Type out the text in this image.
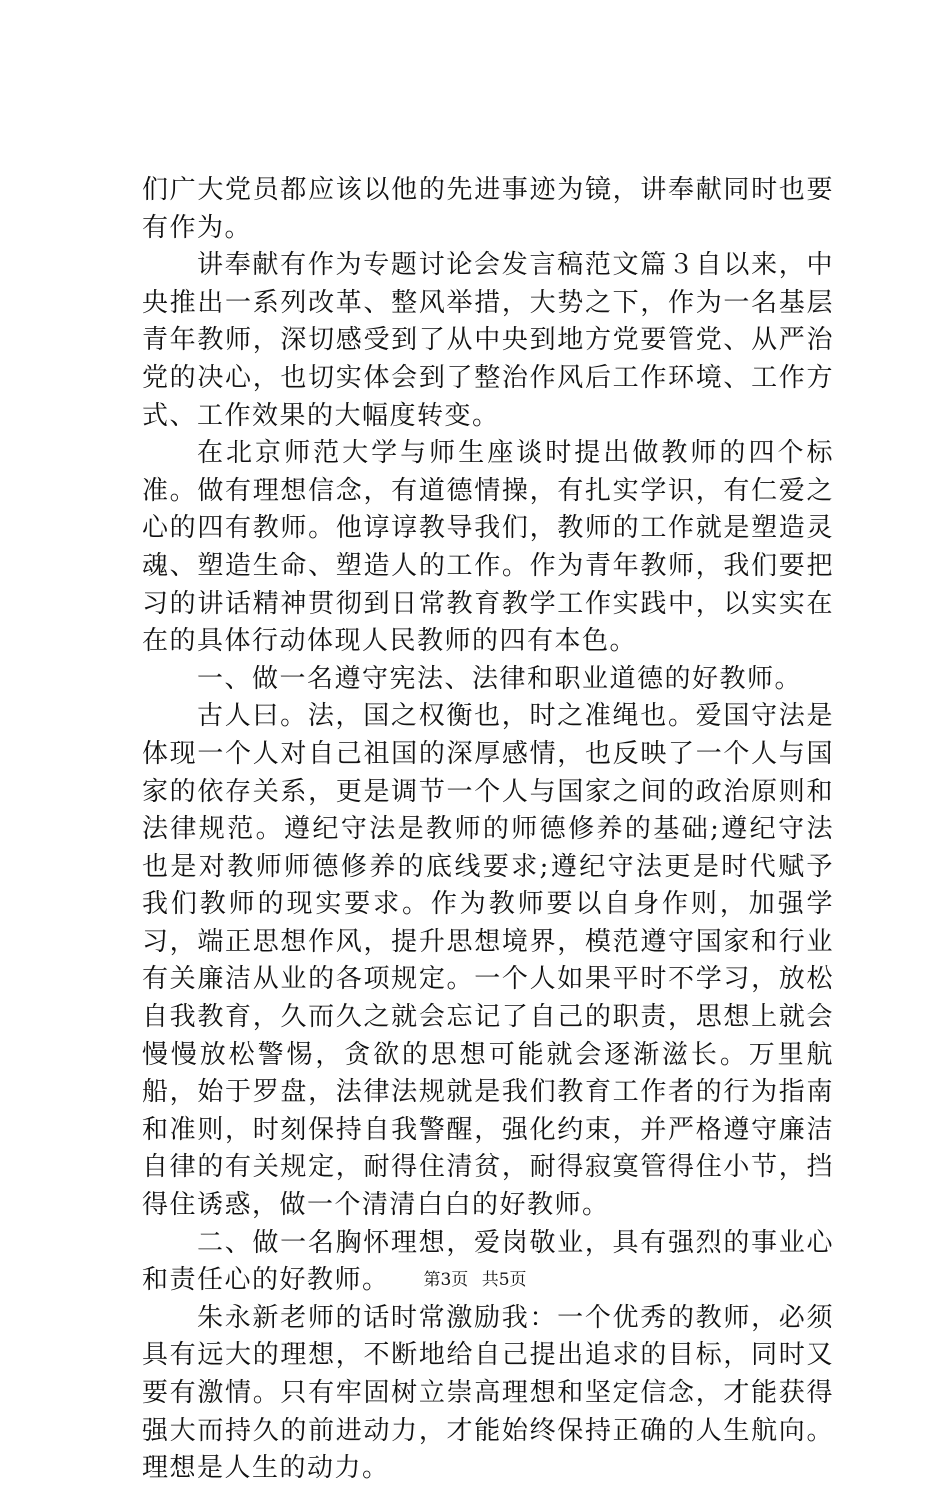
们广大党员都应该以他的先进事迹为镜，讲奉献同时也要有作为。

讲奉献有作为专题讨论会发言稿范文篇３自以来，中央推出一系列改革、整风举措，大势之下，作为一名基层青年教师，深切感受到了从中央到地方党要管党、从严治党的决心，也切实体会到了整治作风后工作环境、工作方式、工作效果的大幅度转变。

在北京师范大学与师生座谈时提出做教师的四个标准。做有理想信念，有道德情操，有扎实学识，有仁爱之心的四有教师。他谆谆教导我们，教师的工作就是塑造灵魂、塑造生命、塑造人的工作。作为青年教师，我们要把习的讲话精神贯彻到日常教育教学工作实践中，以实实在在的具体行动体现人民教师的四有本色。

一、做一名遵守宪法、法律和职业道德的好教师。

古人曰。法，国之权衡也，时之准绳也。爱国守法是体现一个人对自己祖国的深厚感情，也反映了一个人与国家的依存关系，更是调节一个人与国家之间的政治原则和法律规范。遵纪守法是教师的师德修养的基础;遵纪守法也是对教师师德修养的底线要求;遵纪守法更是时代赋予我们教师的现实要求。作为教师要以自身作则，加强学习，端正思想作风，提升思想境界，模范遵守国家和行业有关廉洁从业的各项规定。一个人如果平时不学习，放松自我教育，久而久之就会忘记了自己的职责，思想上就会慢慢放松警惕，贪欲的思想可能就会逐渐滋长。万里航船，始于罗盘，法律法规就是我们教育工作者的行为指南和准则，时刻保持自我警醒，强化约束，并严格遵守廉洁自律的有关规定，耐得住清贫，耐得寂寞管得住小节，挡得住诱惑，做一个清清白白的好教师。

二、做一名胸怀理想，爱岗敬业，具有强烈的事业心和责任心的好教师。

朱永新老师的话时常激励我：一个优秀的教师，必须具有远大的理想，不断地给自己提出追求的目标，同时又要有激情。只有牢固树立崇高理想和坚定信念，才能获得强大而持久的前进动力，才能始终保持正确的人生航向。理想是人生的动力。

第3页 共5页
